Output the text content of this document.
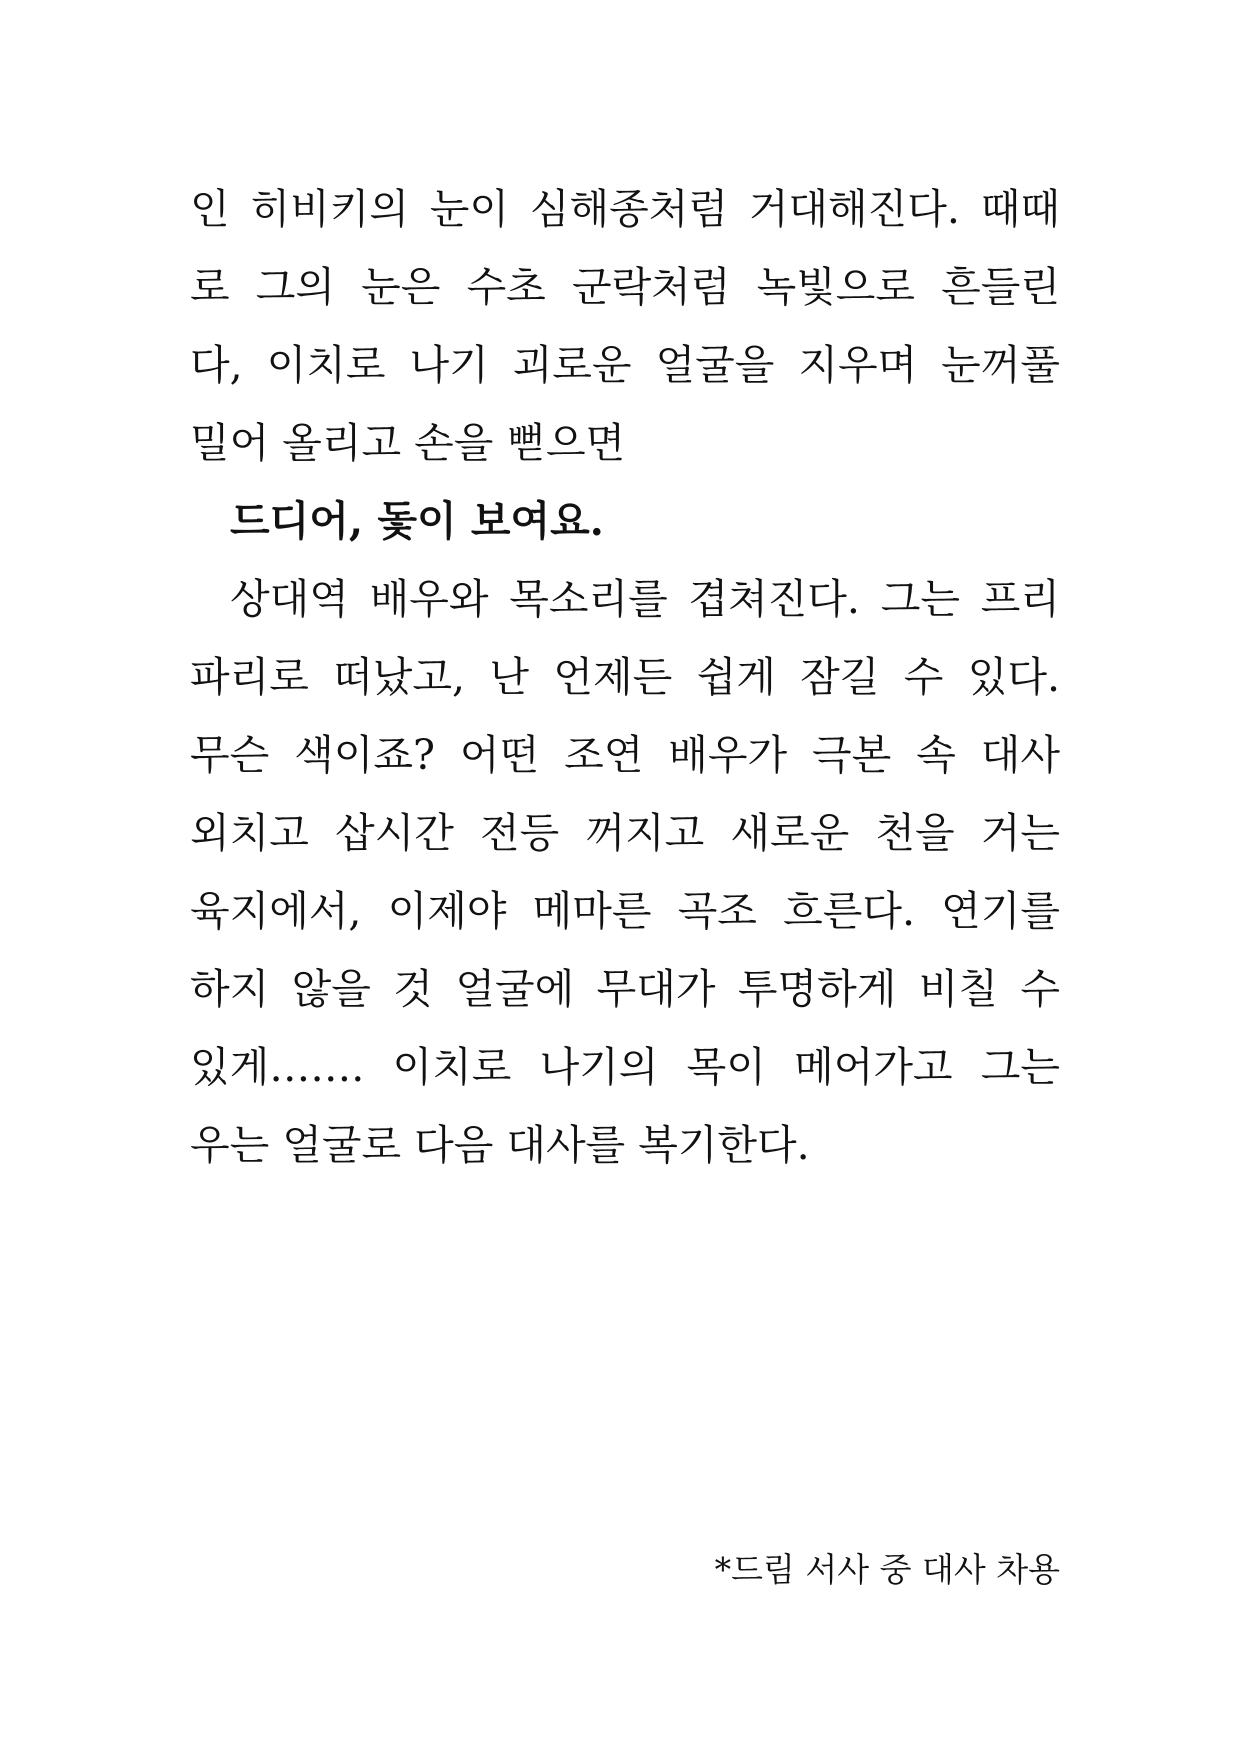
인 히비키의 눈이 심해종처럼 거대해진다. 때때
로 그의 눈은 수초 군락처럼 녹빛으로 흔들린
다, 이치로 나기 괴로운 얼굴을 지우며 눈꺼풀
밀어 올리고 손을 뻗으면
드디어, 돛이 보여요.
상대역 배우와 목소리를 겹쳐진다. 그는 프리
파리로 떠났고, 난 언제든 쉽게 잠길 수 있다.
무슨 색이죠? 어떤 조연 배우가 극본 속 대사
외치고 삽시간 전등 꺼지고 새로운 천을 거는
육지에서, 이제야 메마른 곡조 흐른다. 연기를
하지 않을 것 얼굴에 무대가 투명하게 비칠 수
있게……. 이치로 나기의 목이 메어가고 그는
우는 얼굴로 다음 대사를 복기한다.
*드림 서사 중 대사 차용
